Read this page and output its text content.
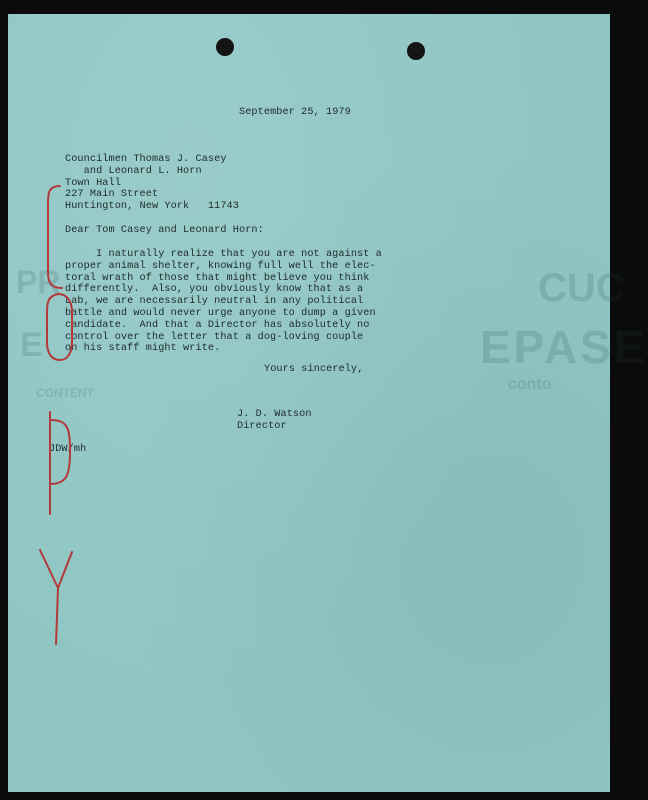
CUC
EPASE
conto
PR
E
CONTENT
September 25, 1979
Councilmen Thomas J. Casey
and Leonard L. Horn
Town Hall
227 Main Street
Huntington, New York   11743
Dear Tom Casey and Leonard Horn:
I naturally realize that you are not against a
proper animal shelter, knowing full well the elec-
toral wrath of those that might believe you think
differently.  Also, you obviously know that as a
Lab, we are necessarily neutral in any political
battle and would never urge anyone to dump a given
candidate.  And that a Director has absolutely no
control over the letter that a dog-loving couple
on his staff might write.
Yours sincerely,
J. D. Watson
Director
JDW/mh
